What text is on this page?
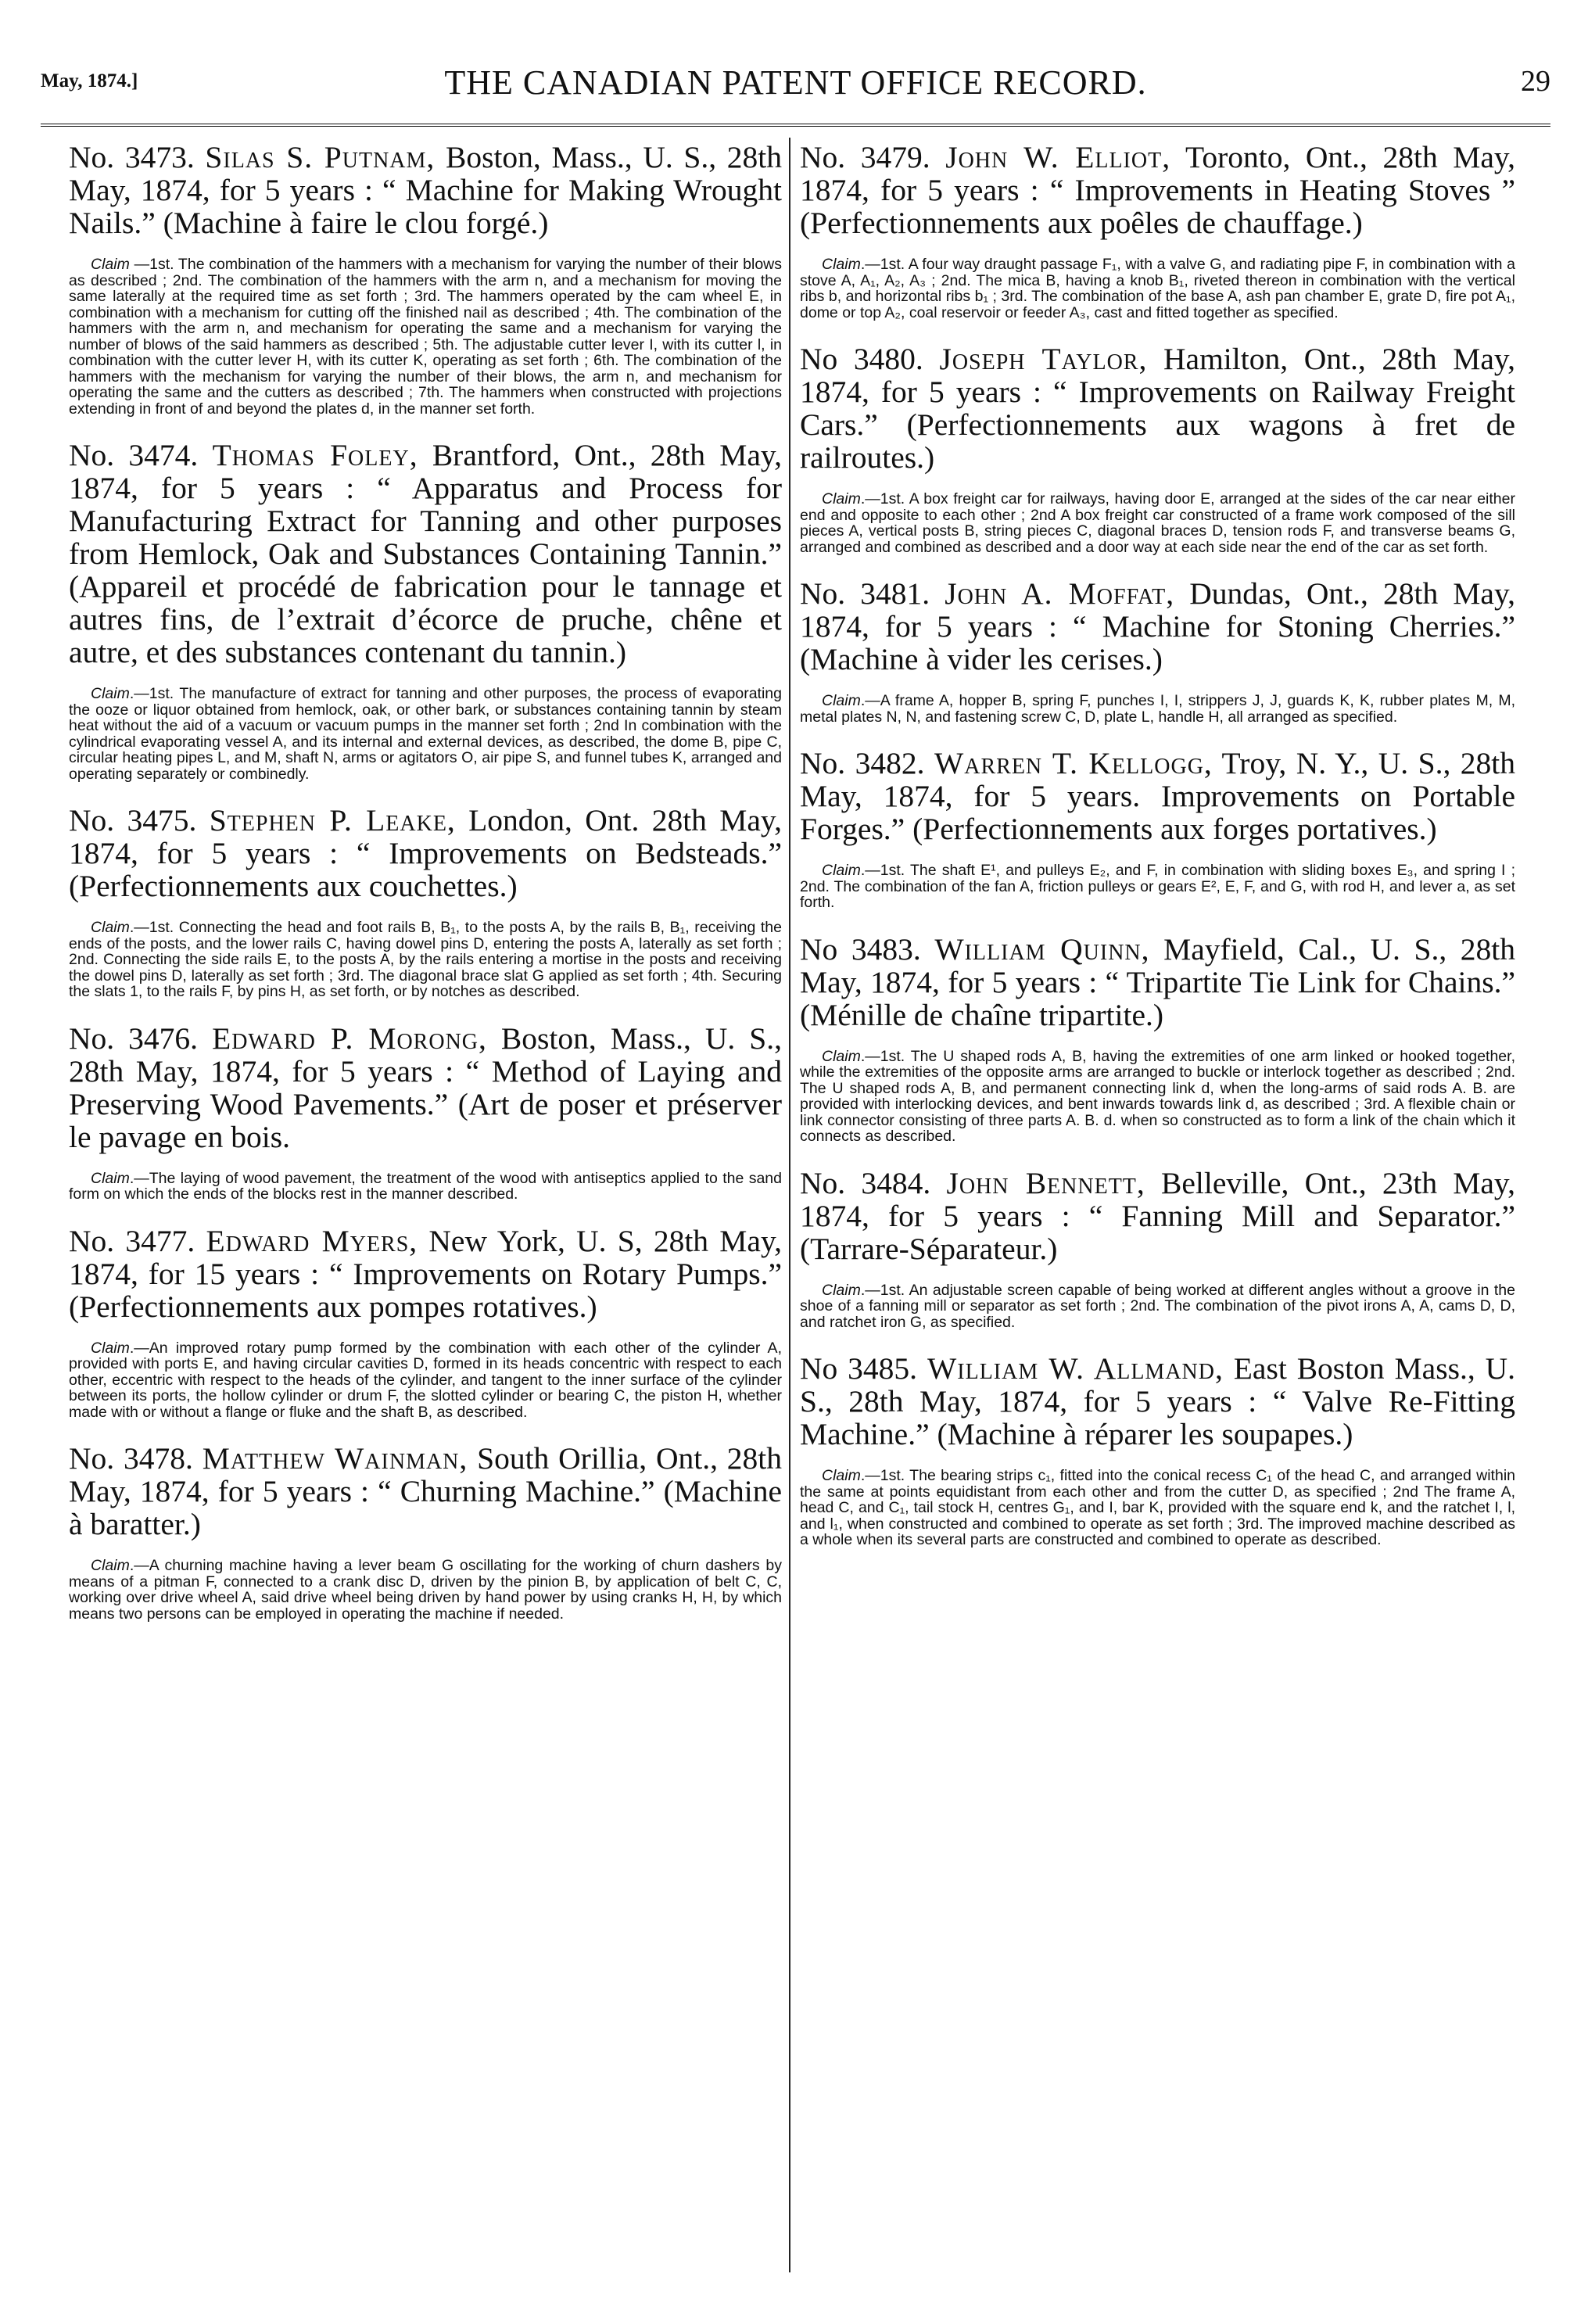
May, 1874.]	THE CANADIAN PATENT OFFICE RECORD.	29

No. 3473. Silas S. Putnam, Boston, Mass., U. S., 28th May, 1874, for 5 years : “ Machine for Making Wrought Nails.” (Machine à faire le clou forgé.)

Claim —1st. The combination of the hammers with a mechanism for varying the number of their blows as described ; 2nd. The combination of the hammers with the arm n, and a mechanism for moving the same laterally at the required time as set forth ; 3rd. The hammers operated by the cam wheel E, in combination with a mechanism for cutting off the finished nail as described ; 4th. The combination of the hammers with the arm n, and mechanism for operating the same and a mechanism for varying the number of blows of the said hammers as described ; 5th. The adjustable cutter lever I, with its cutter l, in combination with the cutter lever H, with its cutter K, operating as set forth ; 6th. The combination of the hammers with the mechanism for varying the number of their blows, the arm n, and mechanism for operating the same and the cutters as described ; 7th. The hammers when constructed with projections extending in front of and beyond the plates d, in the manner set forth.

No. 3474. Thomas Foley, Brantford, Ont., 28th May, 1874, for 5 years : “ Apparatus and Process for Manufacturing Extract for Tanning and other purposes from Hemlock, Oak and Substances Containing Tannin.” (Appareil et procédé de fabrication pour le tannage et autres fins, de l’extrait d’écorce de pruche, chêne et autre, et des substances contenant du tannin.)

Claim.—1st. The manufacture of extract for tanning and other purposes, the process of evaporating the ooze or liquor obtained from hemlock, oak, or other bark, or substances containing tannin by steam heat without the aid of a vacuum or vacuum pumps in the manner set forth ; 2nd In combination with the cylindrical evaporating vessel A, and its internal and external devices, as described, the dome B, pipe C, circular heating pipes L, and M, shaft N, arms or agitators O, air pipe S, and funnel tubes K, arranged and operating separately or combinedly.

No. 3475. Stephen P. Leake, London, Ont. 28th May, 1874, for 5 years : “ Improvements on Bedsteads.” (Perfectionnements aux couchettes.)

Claim.—1st. Connecting the head and foot rails B, B₁, to the posts A, by the rails B, B₁, receiving the ends of the posts, and the lower rails C, having dowel pins D, entering the posts A, laterally as set forth ; 2nd. Connecting the side rails E, to the posts A, by the rails entering a mortise in the posts and receiving the dowel pins D, laterally as set forth ; 3rd. The diagonal brace slat G applied as set forth ; 4th. Securing the slats 1, to the rails F, by pins H, as set forth, or by notches as described.

No. 3476. Edward P. Morong, Boston, Mass., U. S., 28th May, 1874, for 5 years : “ Method of Laying and Preserving Wood Pavements.” (Art de poser et préserver le pavage en bois.

Claim.—The laying of wood pavement, the treatment of the wood with antiseptics applied to the sand form on which the ends of the blocks rest in the manner described.

No. 3477. Edward Myers, New York, U. S, 28th May, 1874, for 15 years : “ Improvements on Rotary Pumps.” (Perfectionnements aux pompes rotatives.)

Claim.—An improved rotary pump formed by the combination with each other of the cylinder A, provided with ports E, and having circular cavities D, formed in its heads concentric with respect to each other, eccentric with respect to the heads of the cylinder, and tangent to the inner surface of the cylinder between its ports, the hollow cylinder or drum F, the slotted cylinder or bearing C, the piston H, whether made with or without a flange or fluke and the shaft B, as described.

No. 3478. Matthew Wainman, South Orillia, Ont., 28th May, 1874, for 5 years : “ Churning Machine.” (Machine à baratter.)

Claim.—A churning machine having a lever beam G oscillating for the working of churn dashers by means of a pitman F, connected to a crank disc D, driven by the pinion B, by application of belt C, C, working over drive wheel A, said drive wheel being driven by hand power by using cranks H, H, by which means two persons can be employed in operating the machine if needed.

No. 3479. John W. Elliot, Toronto, Ont., 28th May, 1874, for 5 years : “ Improvements in Heating Stoves ” (Perfectionnements aux poêles de chauffage.)

Claim.—1st. A four way draught passage F₁, with a valve G, and radiating pipe F, in combination with a stove A, A₁, A₂, A₃ ; 2nd. The mica B, having a knob B₁, riveted thereon in combination with the vertical ribs b, and horizontal ribs b₁ ; 3rd. The combination of the base A, ash pan chamber E, grate D, fire pot A₁, dome or top A₂, coal reservoir or feeder A₃, cast and fitted together as specified.

No 3480. Joseph Taylor, Hamilton, Ont., 28th May, 1874, for 5 years : “ Improvements on Railway Freight Cars.” (Perfectionnements aux wagons à fret de railroutes.)

Claim.—1st. A box freight car for railways, having door E, arranged at the sides of the car near either end and opposite to each other ; 2nd A box freight car constructed of a frame work composed of the sill pieces A, vertical posts B, string pieces C, diagonal braces D, tension rods F, and transverse beams G, arranged and combined as described and a door way at each side near the end of the car as set forth.

No. 3481. John A. Moffat, Dundas, Ont., 28th May, 1874, for 5 years : “ Machine for Stoning Cherries.” (Machine à vider les cerises.)

Claim.—A frame A, hopper B, spring F, punches I, I, strippers J, J, guards K, K, rubber plates M, M, metal plates N, N, and fastening screw C, D, plate L, handle H, all arranged as specified.

No. 3482. Warren T. Kellogg, Troy, N. Y., U. S., 28th May, 1874, for 5 years. Improvements on Portable Forges.” (Perfectionnements aux forges portatives.)

Claim.—1st. The shaft E¹, and pulleys E₂, and F, in combination with sliding boxes E₃, and spring I ; 2nd. The combination of the fan A, friction pulleys or gears E², E, F, and G, with rod H, and lever a, as set forth.

No 3483. William Quinn, Mayfield, Cal., U. S., 28th May, 1874, for 5 years : “ Tripartite Tie Link for Chains.” (Ménille de chaîne tripartite.)

Claim.—1st. The U shaped rods A, B, having the extremities of one arm linked or hooked together, while the extremities of the opposite arms are arranged to buckle or interlock together as described ; 2nd. The U shaped rods A, B, and permanent connecting link d, when the long-arms of said rods A. B. are provided with interlocking devices, and bent inwards towards link d, as described ; 3rd. A flexible chain or link connector consisting of three parts A. B. d. when so constructed as to form a link of the chain which it connects as described.

No. 3484. John Bennett, Belleville, Ont., 23th May, 1874, for 5 years : “ Fanning Mill and Separator.” (Tarrare-Séparateur.)

Claim.—1st. An adjustable screen capable of being worked at different angles without a groove in the shoe of a fanning mill or separator as set forth ; 2nd. The combination of the pivot irons A, A, cams D, D, and ratchet iron G, as specified.

No 3485. William W. Allmand, East Boston Mass., U. S., 28th May, 1874, for 5 years : “ Valve Re-Fitting Machine.” (Machine à réparer les soupapes.)

Claim.—1st. The bearing strips c₁, fitted into the conical recess C₁ of the head C, and arranged within the same at points equidistant from each other and from the cutter D, as specified ; 2nd The frame A, head C, and C₁, tail stock H, centres G₁, and I, bar K, provided with the square end k, and the ratchet I, l, and l₁, when constructed and combined to operate as set forth ; 3rd. The improved machine described as a whole when its several parts are constructed and combined to operate as described.
